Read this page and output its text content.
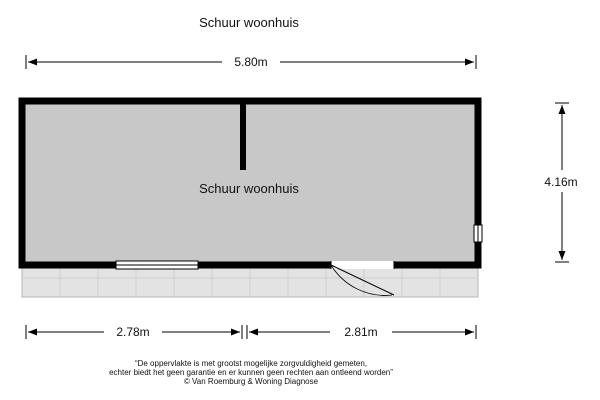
Schuur woonhuis
5.80m
4.16m
Schuur woonhuis
2.78m	2.81m
“De oppervlakte is met grootst mogelijke zorgvuldigheid gemeten,
echter biedt het geen garantie en er kunnen geen rechten aan ontleend worden”
© Van Roemburg & Woning Diagnose
